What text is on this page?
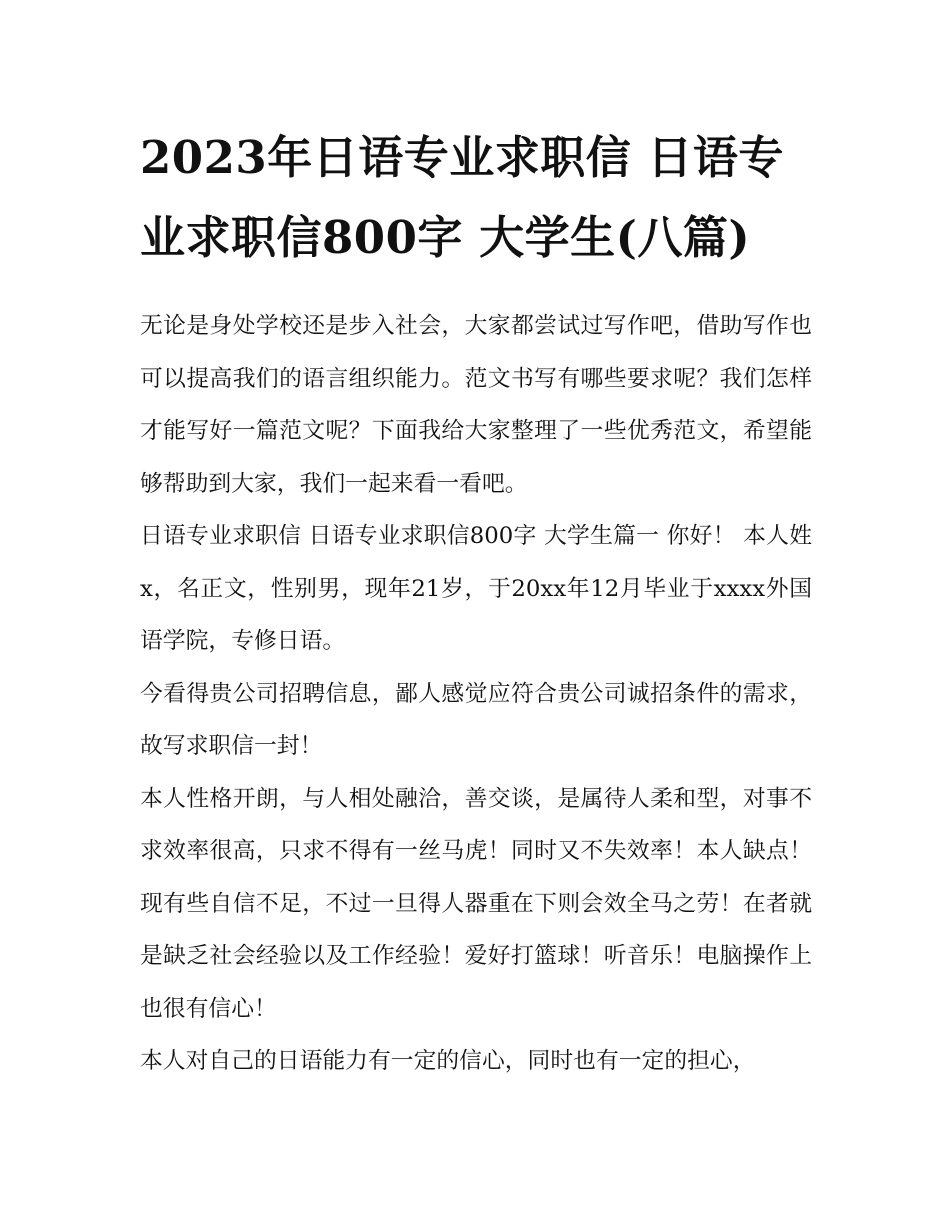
2023年日语专业求职信 日语专业求职信800字 大学生(八篇)

无论是身处学校还是步入社会，大家都尝试过写作吧，借助写作也可以提高我们的语言组织能力。范文书写有哪些要求呢？我们怎样才能写好一篇范文呢？下面我给大家整理了一些优秀范文，希望能够帮助到大家，我们一起来看一看吧。

日语专业求职信 日语专业求职信800字 大学生篇一 你好！ 本人姓x，名正文，性别男，现年21岁，于20xx年12月毕业于xxxx外国语学院，专修日语。

今看得贵公司招聘信息，鄙人感觉应符合贵公司诚招条件的需求，故写求职信一封！

本人性格开朗，与人相处融洽，善交谈，是属待人柔和型，对事不求效率很高，只求不得有一丝马虎！同时又不失效率！本人缺点！现有些自信不足，不过一旦得人器重在下则会效全马之劳！在者就是缺乏社会经验以及工作经验！爱好打篮球！听音乐！电脑操作上也很有信心！

本人对自己的日语能力有一定的信心，同时也有一定的担心，
